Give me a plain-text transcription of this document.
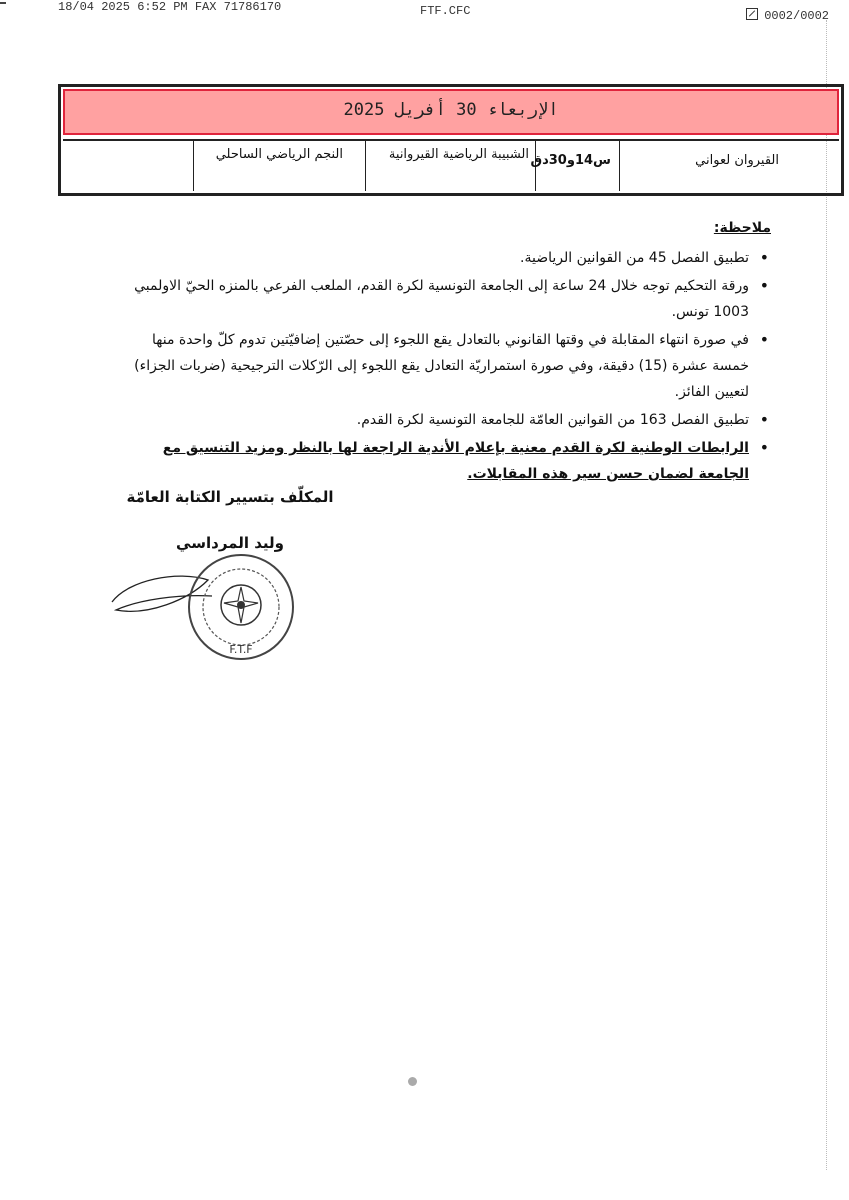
18/04 2025 6:52 PM FAX 71786170	FTF.CFC	0002/0002
الإربعاء 30 أفريل 2025
القيروان لعواني
س14و30دق
الشبيبة الرياضية القيروانية
النجم الرياضي الساحلي
ملاحظة:
•
تطبيق الفصل 45 من القوانين الرياضية.
•
ورقة التحكيم توجه خلال 24 ساعة إلى الجامعة التونسية لكرة القدم، الملعب الفرعي بالمنزه الحيّ الاولمبي 1003 تونس.
•
في صورة انتهاء المقابلة في وقتها القانوني بالتعادل يقع اللجوء إلى حصّتين إضافيّتين تدوم كلّ واحدة منها خمسة عشرة (15) دقيقة، وفي صورة استمراريّة التعادل يقع اللجوء إلى الرّكلات الترجيحية (ضربات الجزاء) لتعيين الفائز.
•
تطبيق الفصل 163 من القوانين العامّة للجامعة التونسية لكرة القدم.
•
الرابطات الوطنية لكرة القدم معنية بإعلام الأندية الراجعة لها بالنظر ومزيد التنسيق مع الجامعة لضمان حسن سير هذه المقابلات.
المكلّف بتسيير الكتابة العامّة
وليد المرداسي
F.T.F
